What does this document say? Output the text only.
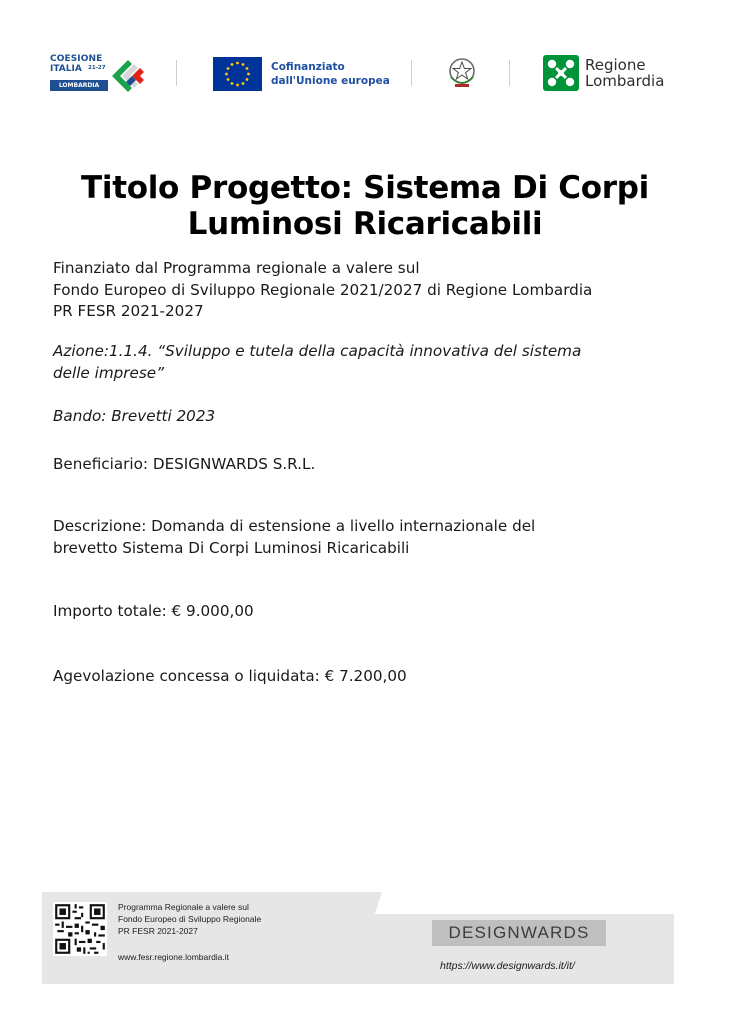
COESIONE
ITALIA 21-27
LOMBARDIA
Cofinanziato
dall'Unione europea
Regione
Lombardia
Titolo Progetto: Sistema Di Corpi
Luminosi Ricaricabili
Finanziato dal Programma regionale a valere sul
Fondo Europeo di Sviluppo Regionale 2021/2027 di Regione Lombardia
PR FESR 2021-2027
Azione:1.1.4. “Sviluppo e tutela della capacità innovativa del sistema
delle imprese”
Bando: Brevetti 2023
Beneficiario: DESIGNWARDS S.R.L.
Descrizione: Domanda di estensione a livello internazionale del
brevetto Sistema Di Corpi Luminosi Ricaricabili
Importo totale: € 9.000,00
Agevolazione concessa o liquidata: € 7.200,00
Programma Regionale a valere sul
Fondo Europeo di Sviluppo Regionale
PR FESR 2021-2027
www.fesr.regione.lombardia.it
DESIGNWARDS
https://www.designwards.it/it/
